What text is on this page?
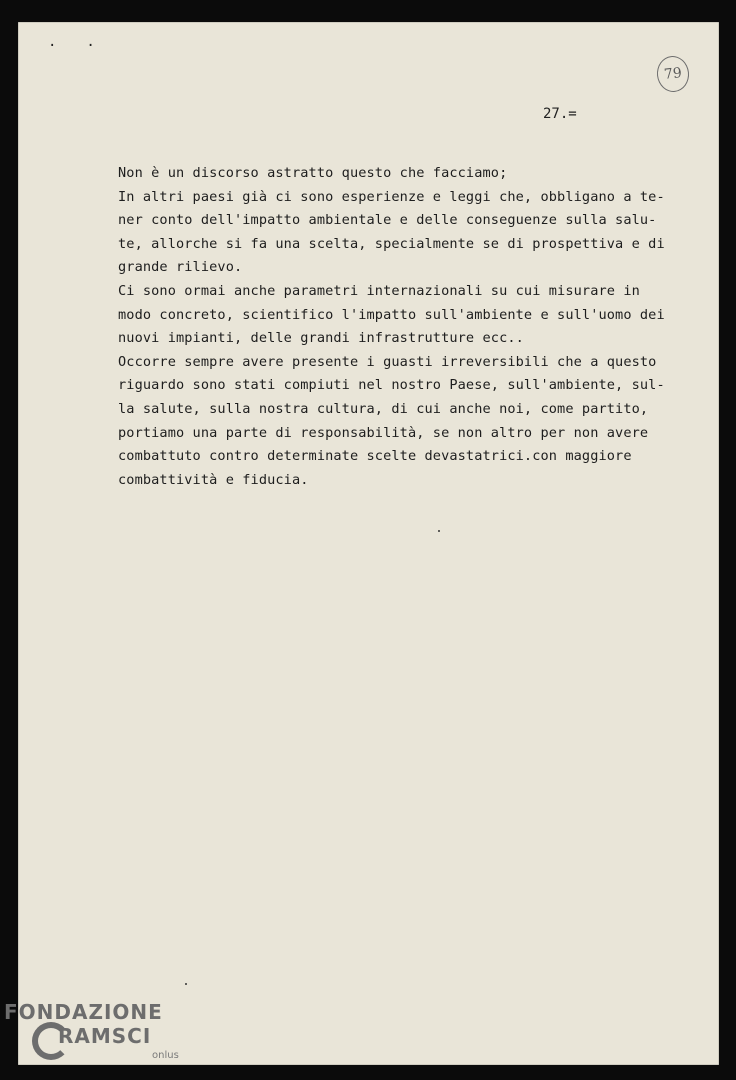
··
79
27.=
Non è un discorso astratto questo che facciamo;
In altri paesi già ci sono esperienze e leggi che, obbligano a te-
ner conto dell'impatto ambientale e delle conseguenze sulla salu-
te, allorche si fa una scelta, specialmente se di prospettiva e di
grande rilievo.
Ci sono ormai anche parametri internazionali su cui misurare in
modo concreto, scientifico l'impatto sull'ambiente e sull'uomo dei
nuovi impianti, delle grandi infrastrutture ecc..
Occorre sempre avere presente i guasti irreversibili che a questo
riguardo sono stati compiuti nel nostro Paese, sull'ambiente, sul-
la salute, sulla nostra cultura, di cui anche noi, come partito,
portiamo una parte di responsabilità, se non altro per non avere
combattuto contro determinate scelte devastatrici.con maggiore
combattività e fiducia.
FONDAZIONE
RAMSCI
onlus
